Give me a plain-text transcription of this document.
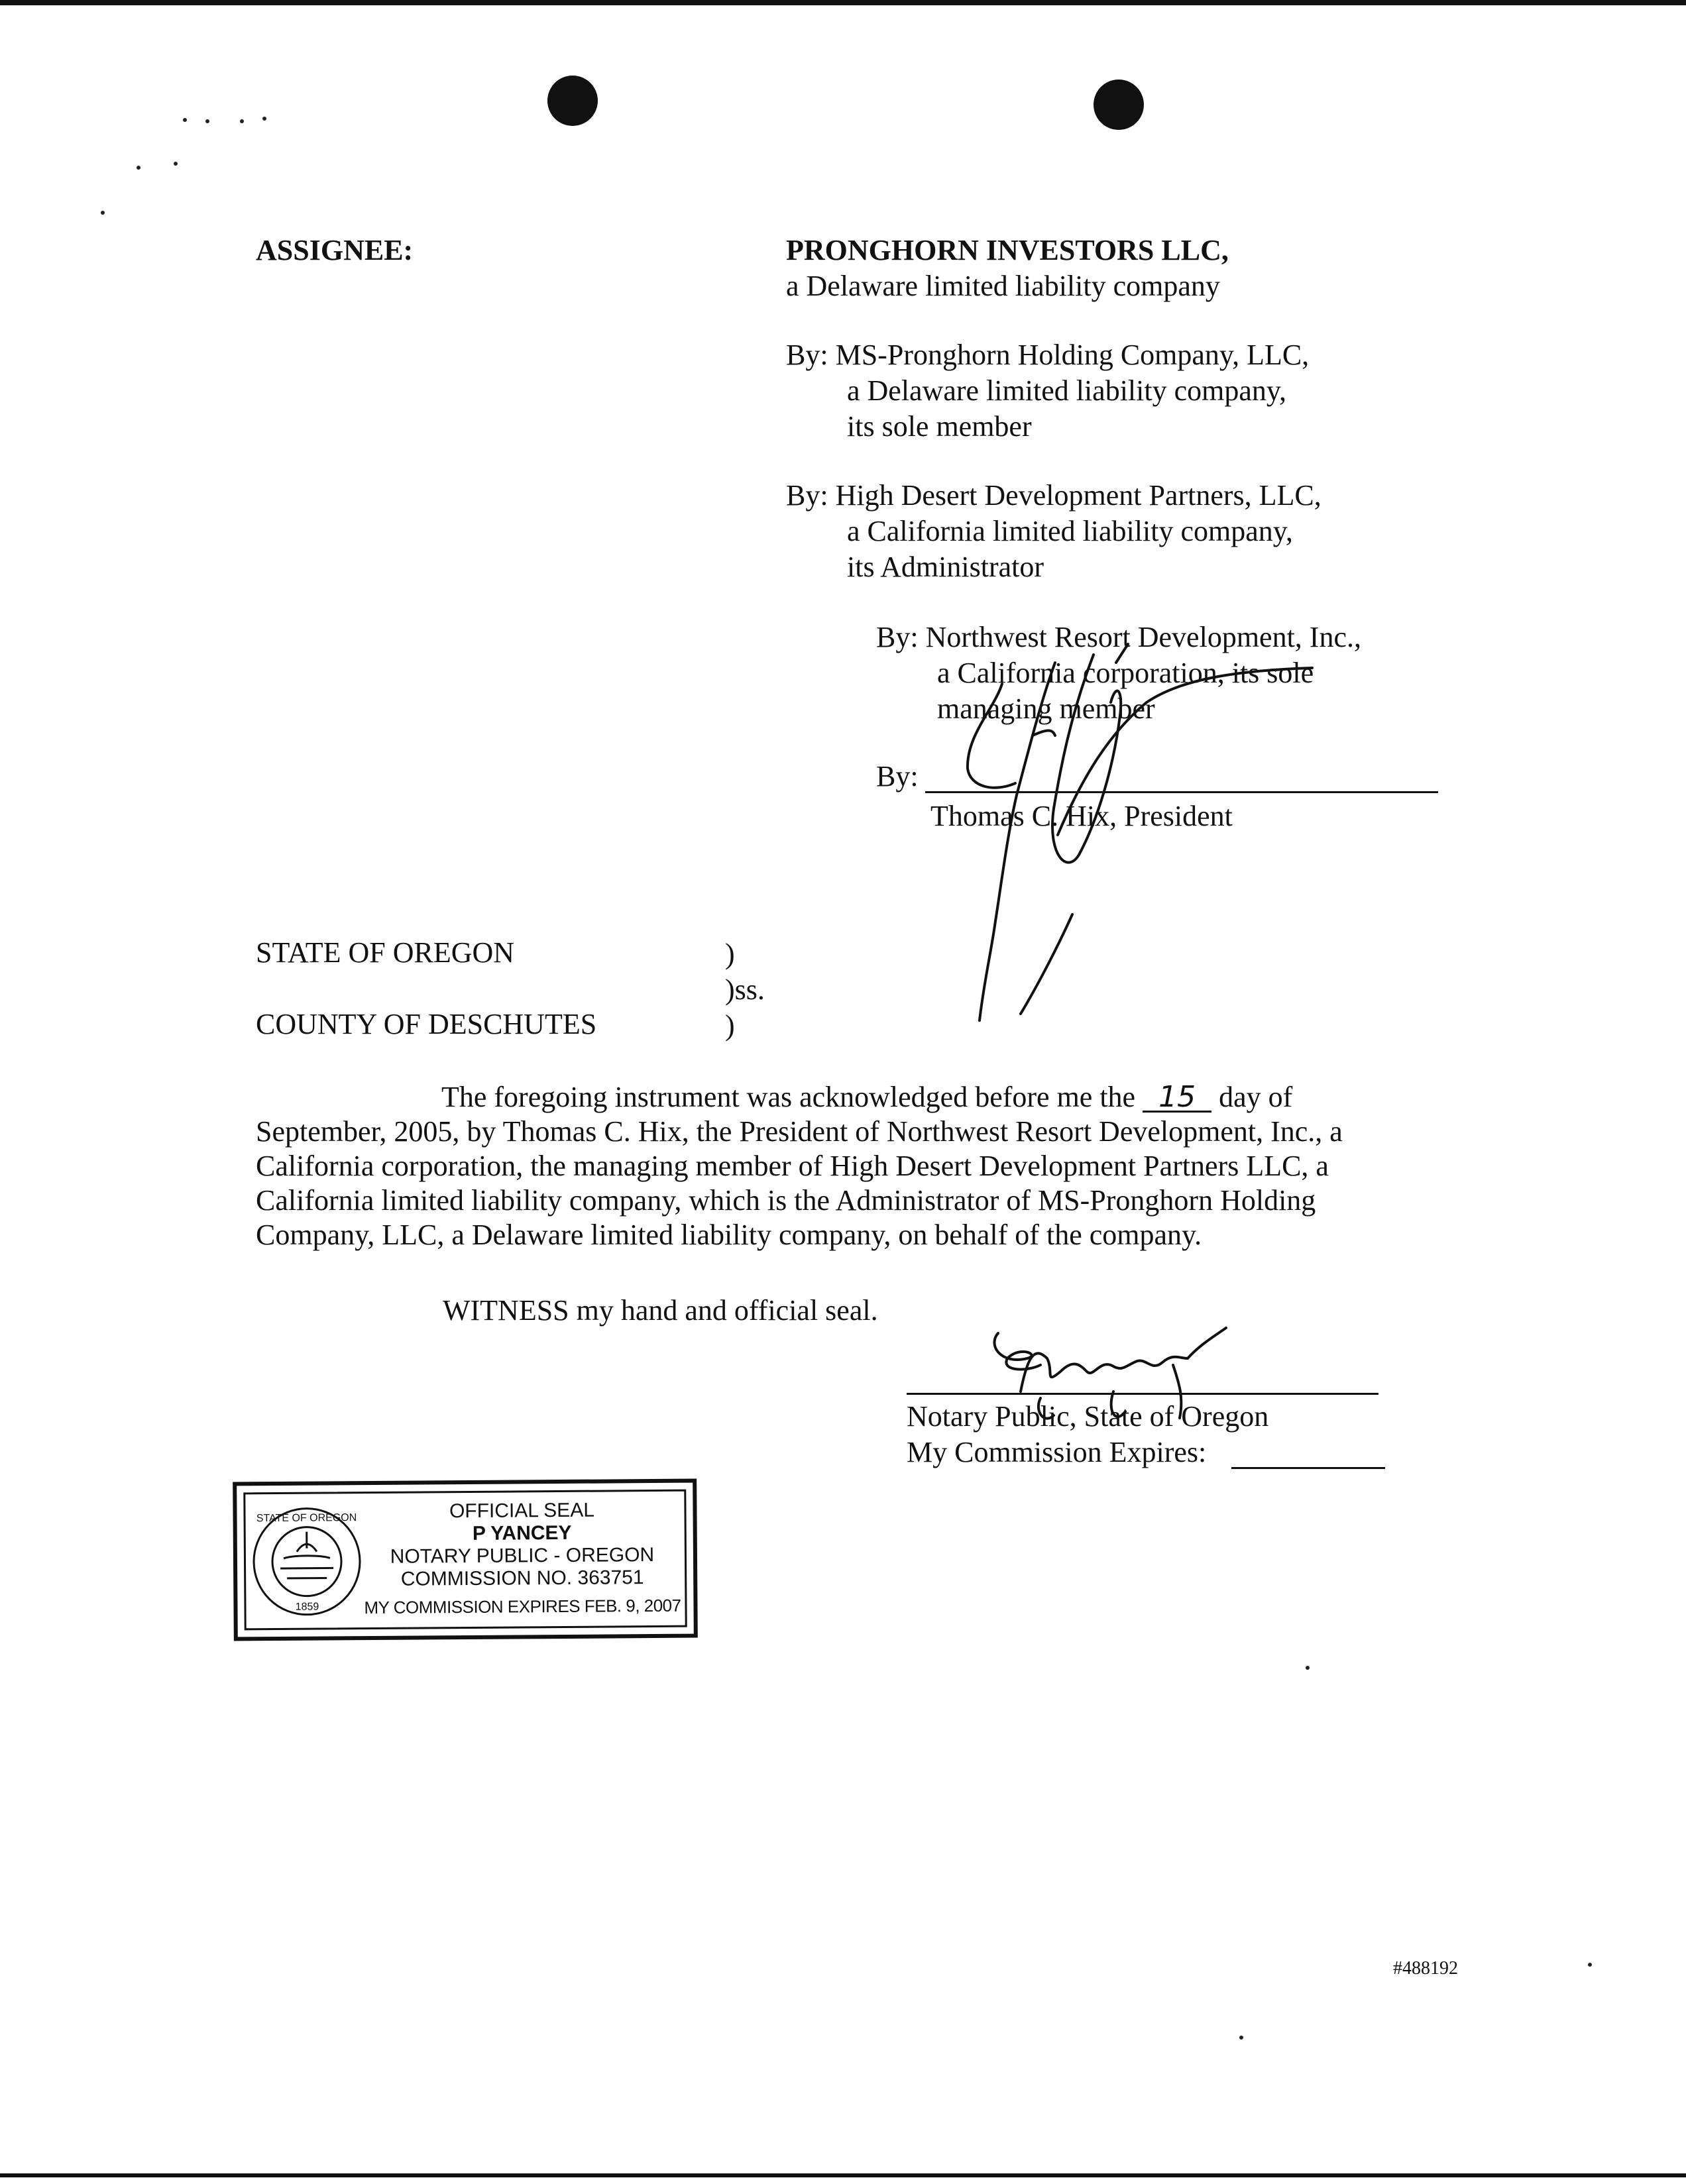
ASSIGNEE:	PRONGHORN INVESTORS LLC,
a Delaware limited liability company
By: MS-Pronghorn Holding Company, LLC,
a Delaware limited liability company,
its sole member
By: High Desert Development Partners, LLC,
a California limited liability company,
its Administrator
By: Northwest Resort Development, Inc.,
a California corporation, its sole
managing member
By:
Thomas C. Hix, President
STATE OF OREGON
COUNTY OF DESCHUTES
)
)ss.
)

The foregoing instrument was acknowledged before me the 15 day of

September, 2005, by Thomas C. Hix, the President of Northwest Resort Development, Inc., a

California corporation, the managing member of High Desert Development Partners LLC, a

California limited liability company, which is the Administrator of MS-Pronghorn Holding

Company, LLC, a Delaware limited liability company, on behalf of the company.

WITNESS my hand and official seal.
Notary Public, State of Oregon
My Commission Expires:
STATE OF OREGON
1859
OFFICIAL SEAL
P YANCEY
NOTARY PUBLIC - OREGON
COMMISSION NO. 363751
MY COMMISSION EXPIRES FEB. 9, 2007
#488192
